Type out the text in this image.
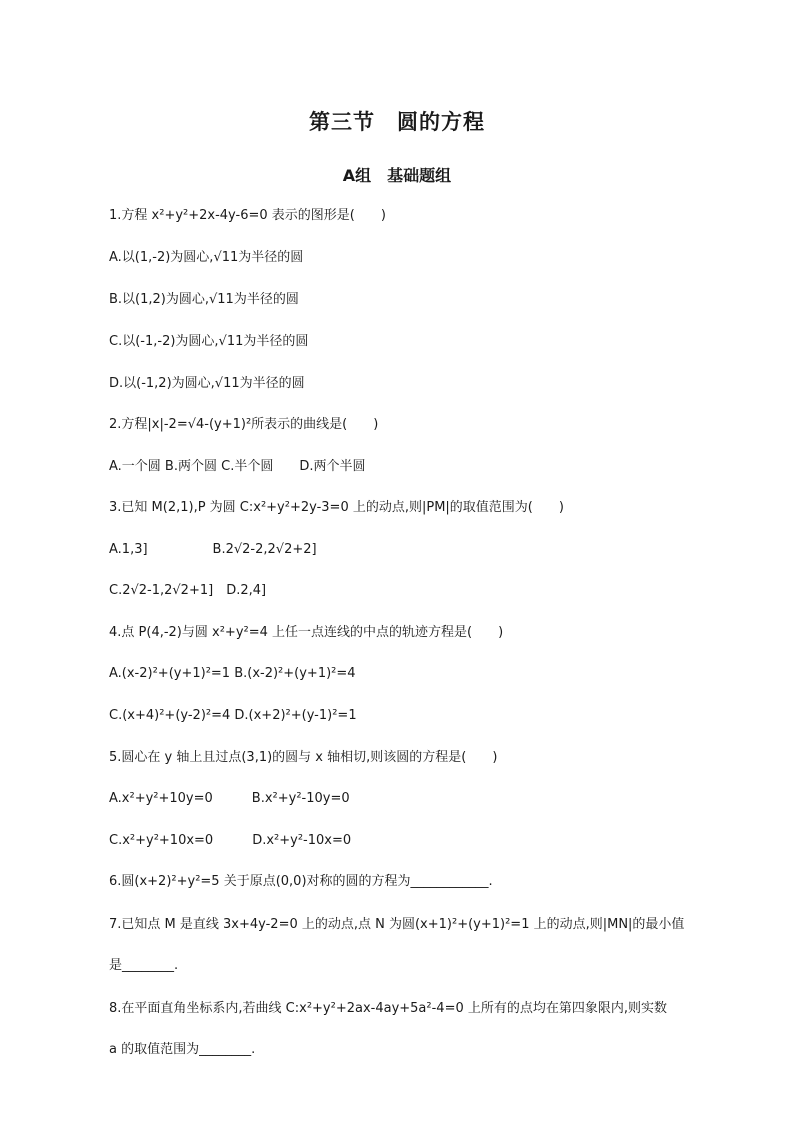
第三节　圆的方程
A组　基础题组
1.方程 x²+y²+2x-4y-6=0 表示的图形是(　　)
A.以(1,-2)为圆心,√11为半径的圆
B.以(1,2)为圆心,√11为半径的圆
C.以(-1,-2)为圆心,√11为半径的圆
D.以(-1,2)为圆心,√11为半径的圆
2.方程|x|-2=√4-(y+1)²所表示的曲线是(　　)
A.一个圆 B.两个圆 C.半个圆　　D.两个半圆
3.已知 M(2,1),P 为圆 C:x²+y²+2y-3=0 上的动点,则|PM|的取值范围为(　　)
A.1,3]　　　　　B.2√2-2,2√2+2]
C.2√2-1,2√2+1]　D.2,4]
4.点 P(4,-2)与圆 x²+y²=4 上任一点连线的中点的轨迹方程是(　　)
A.(x-2)²+(y+1)²=1 B.(x-2)²+(y+1)²=4
C.(x+4)²+(y-2)²=4 D.(x+2)²+(y-1)²=1
5.圆心在 y 轴上且过点(3,1)的圆与 x 轴相切,则该圆的方程是(　　)
A.x²+y²+10y=0　　　B.x²+y²-10y=0
C.x²+y²+10x=0　　　D.x²+y²-10x=0
6.圆(x+2)²+y²=5 关于原点(0,0)对称的圆的方程为____________.
7.已知点 M 是直线 3x+4y-2=0 上的动点,点 N 为圆(x+1)²+(y+1)²=1 上的动点,则|MN|的最小值
是________.
8.在平面直角坐标系内,若曲线 C:x²+y²+2ax-4ay+5a²-4=0 上所有的点均在第四象限内,则实数
a 的取值范围为________.
